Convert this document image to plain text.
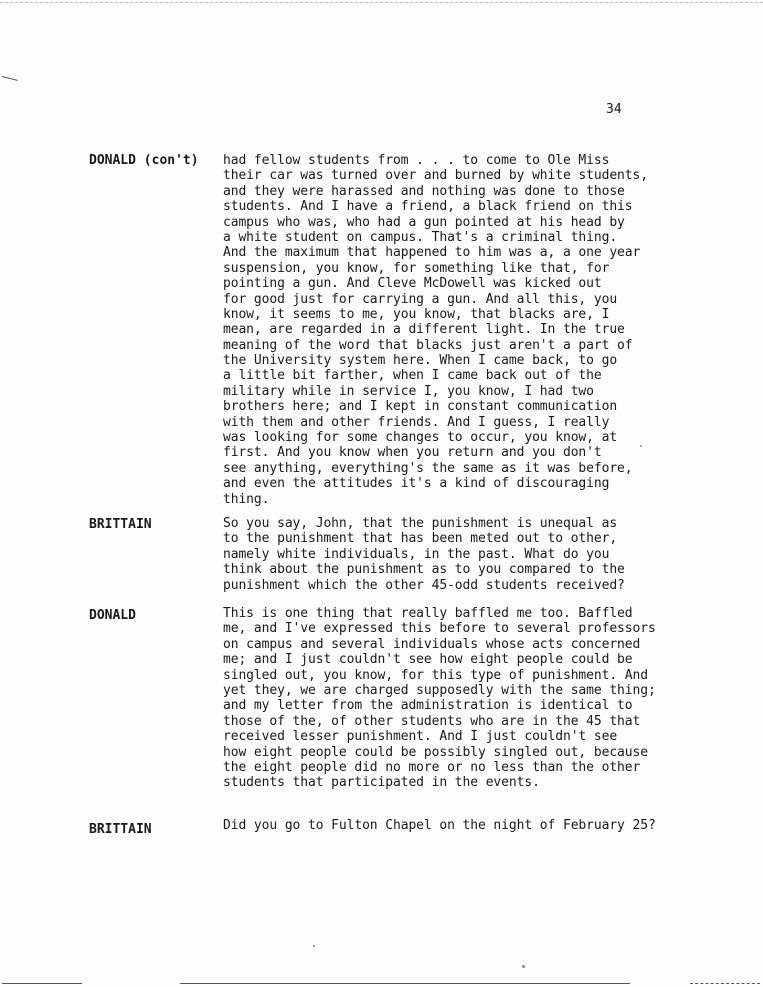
34
DONALD (con't) had fellow students from . . . to come to Ole Miss
their car was turned over and burned by white students,
and they were harassed and nothing was done to those
students. And I have a friend, a black friend on this
campus who was, who had a gun pointed at his head by
a white student on campus. That's a criminal thing.
And the maximum that happened to him was a, a one year
suspension, you know, for something like that, for
pointing a gun. And Cleve McDowell was kicked out
for good just for carrying a gun. And all this, you
know, it seems to me, you know, that blacks are, I
mean, are regarded in a different light. In the true
meaning of the word that blacks just aren't a part of
the University system here. When I came back, to go
a little bit farther, when I came back out of the
military while in service I, you know, I had two
brothers here; and I kept in constant communication
with them and other friends. And I guess, I really
was looking for some changes to occur, you know, at
first. And you know when you return and you don't
see anything, everything's the same as it was before,
and even the attitudes it's a kind of discouraging
thing.
BRITTAIN	So you say, John, that the punishment is unequal as
to the punishment that has been meted out to other,
namely white individuals, in the past. What do you
think about the punishment as to you compared to the
punishment which the other 45-odd students received?
DONALD	This is one thing that really baffled me too. Baffled
me, and I've expressed this before to several professors
on campus and several individuals whose acts concerned
me; and I just couldn't see how eight people could be
singled out, you know, for this type of punishment. And
yet they, we are charged supposedly with the same thing;
and my letter from the administration is identical to
those of the, of other students who are in the 45 that
received lesser punishment. And I just couldn't see
how eight people could be possibly singled out, because
the eight people did no more or no less than the other
students that participated in the events.
BRITTAIN	Did you go to Fulton Chapel on the night of February 25?
